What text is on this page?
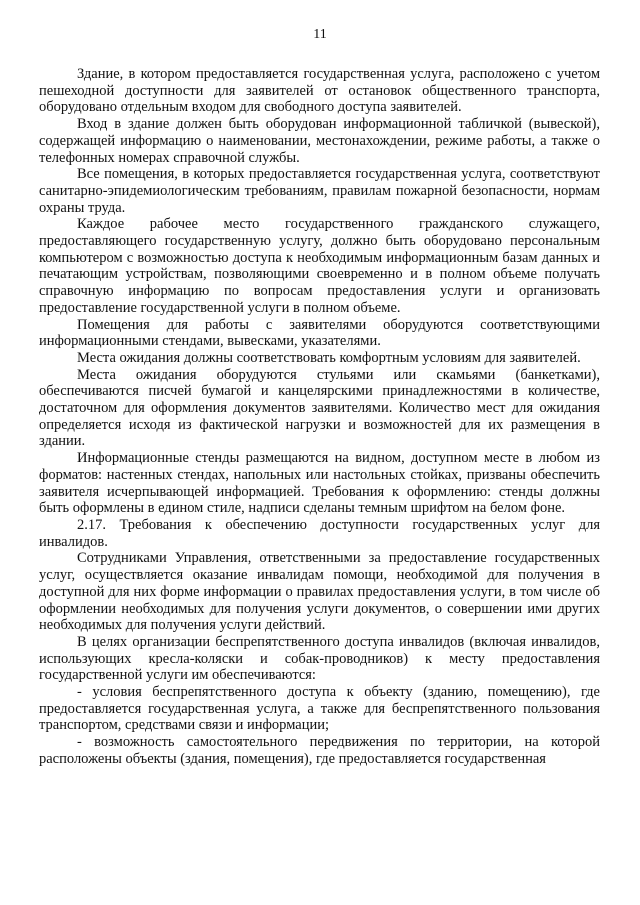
11

Здание, в котором предоставляется государственная услуга, расположено с учетом пешеходной доступности для заявителей от остановок общественного транспорта, оборудовано отдельным входом для свободного доступа заявителей.

Вход в здание должен быть оборудован информационной табличкой (вывеской), содержащей информацию о наименовании, местонахождении, режиме работы, а также о телефонных номерах справочной службы.

Все помещения, в которых предоставляется государственная услуга, соответствуют санитарно-эпидемиологическим требованиям, правилам пожарной безопасности, нормам охраны труда.

Каждое рабочее место государственного гражданского служащего, предоставляющего государственную услугу, должно быть оборудовано персональным компьютером с возможностью доступа к необходимым информационным базам данных и печатающим устройствам, позволяющими своевременно и в полном объеме получать справочную информацию по вопросам предоставления услуги и организовать предоставление государственной услуги в полном объеме.

Помещения для работы с заявителями оборудуются соответствующими информационными стендами, вывесками, указателями.

Места ожидания должны соответствовать комфортным условиям для заявителей.

Места ожидания оборудуются стульями или скамьями (банкетками), обеспечиваются писчей бумагой и канцелярскими принадлежностями в количестве, достаточном для оформления документов заявителями. Количество мест для ожидания определяется исходя из фактической нагрузки и возможностей для их размещения в здании.

Информационные стенды размещаются на видном, доступном месте в любом из форматов: настенных стендах, напольных или настольных стойках, призваны обеспечить заявителя исчерпывающей информацией. Требования к оформлению: стенды должны быть оформлены в едином стиле, надписи сделаны темным шрифтом на белом фоне.

2.17. Требования к обеспечению доступности государственных услуг для инвалидов.

Сотрудниками Управления, ответственными за предоставление государственных услуг, осуществляется оказание инвалидам помощи, необходимой для получения в доступной для них форме информации о правилах предоставления услуги, в том числе об оформлении необходимых для получения услуги документов, о совершении ими других необходимых для получения услуги действий.

В целях организации беспрепятственного доступа инвалидов (включая инвалидов, использующих кресла-коляски и собак-проводников) к месту предоставления государственной услуги им обеспечиваются:

- условия беспрепятственного доступа к объекту (зданию, помещению), где предоставляется государственная услуга, а также для беспрепятственного пользования транспортом, средствами связи и информации;

- возможность самостоятельного передвижения по территории, на которой расположены объекты (здания, помещения), где предоставляется государственная
